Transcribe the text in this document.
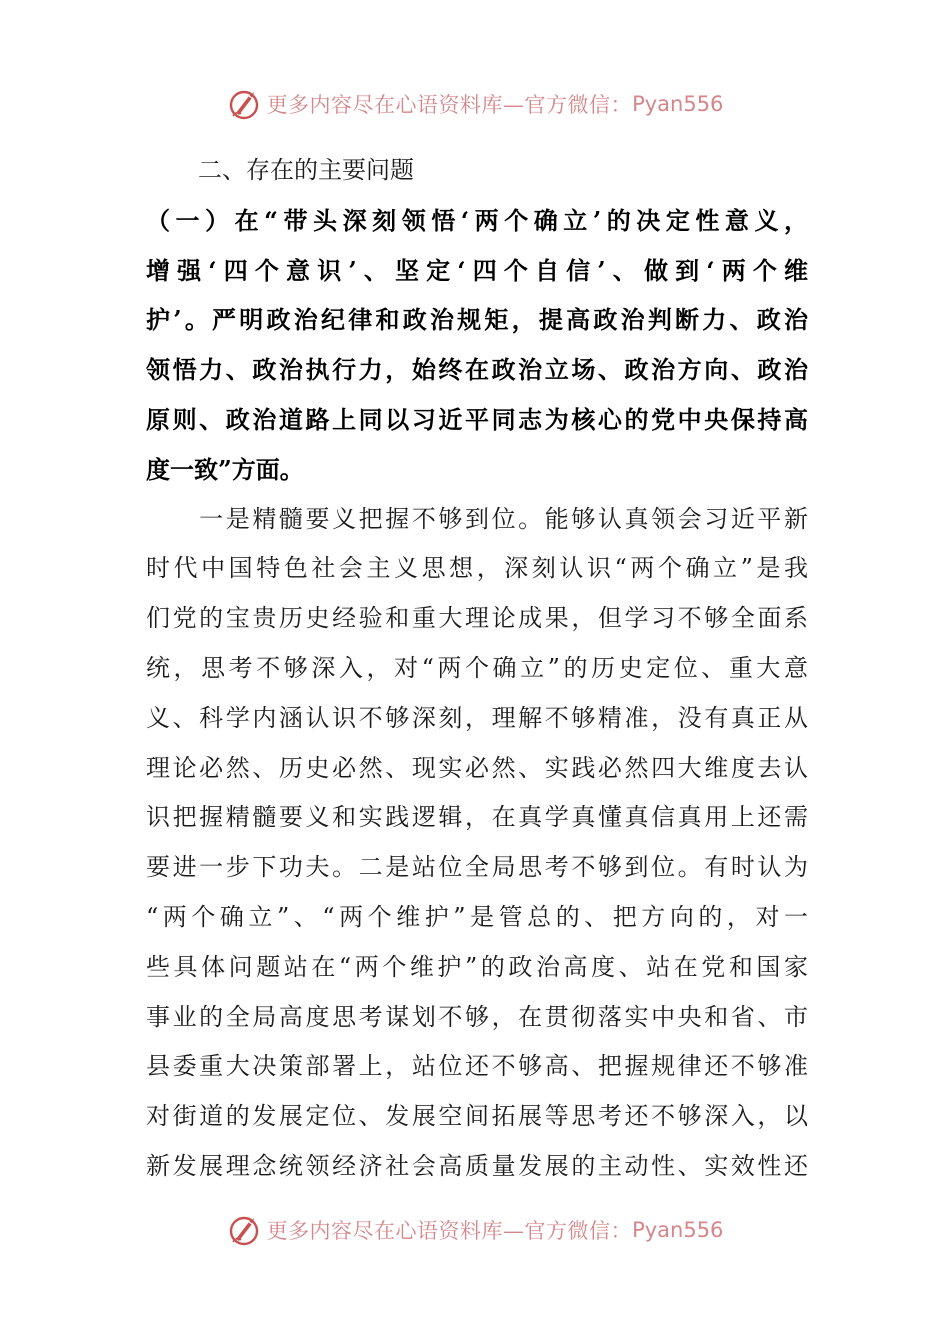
更多内容尽在心语资料库—官方微信： Pyan556
二、存在的主要问题
（一）在“带头深刻领悟‘两个确立’的决定性意义，
增强‘四个意识’、坚定‘四个自信’、做到‘两个维
护’。严明政治纪律和政治规矩，提高政治判断力、政治
领悟力、政治执行力，始终在政治立场、政治方向、政治
原则、政治道路上同以习近平同志为核心的党中央保持高
度一致”方面。
　　一是精髓要义把握不够到位。能够认真领会习近平新
时代中国特色社会主义思想，深刻认识“两个确立”是我
们党的宝贵历史经验和重大理论成果，但学习不够全面系
统，思考不够深入，对“两个确立”的历史定位、重大意
义、科学内涵认识不够深刻，理解不够精准，没有真正从
理论必然、历史必然、现实必然、实践必然四大维度去认
识把握精髓要义和实践逻辑，在真学真懂真信真用上还需
要进一步下功夫。二是站位全局思考不够到位。有时认为
“两个确立”、“两个维护”是管总的、把方向的，对一
些具体问题站在“两个维护”的政治高度、站在党和国家
事业的全局高度思考谋划不够，在贯彻落实中央和省、市
县委重大决策部署上，站位还不够高、把握规律还不够准
对街道的发展定位、发展空间拓展等思考还不够深入，以
新发展理念统领经济社会高质量发展的主动性、实效性还
更多内容尽在心语资料库—官方微信： Pyan556
